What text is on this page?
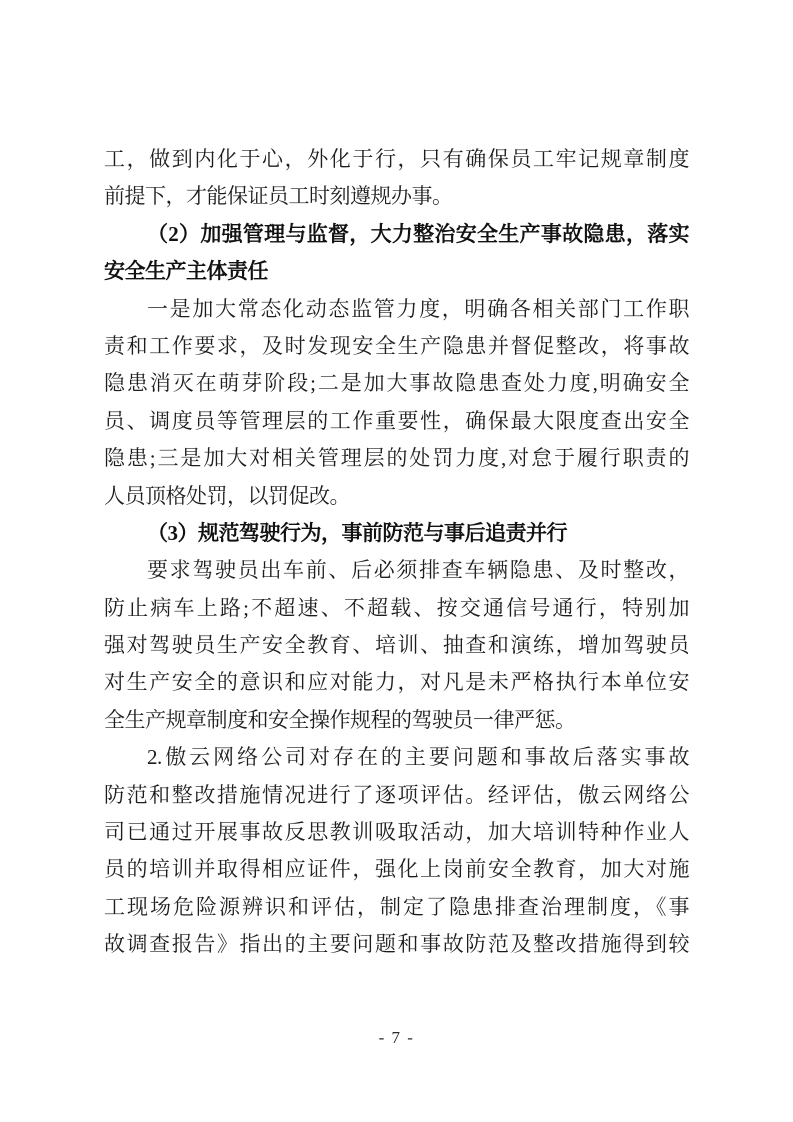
工，做到内化于心，外化于行，只有确保员工牢记规章制度
前提下，才能保证员工时刻遵规办事。
（2）加强管理与监督，大力整治安全生产事故隐患，落实
安全生产主体责任
一是加大常态化动态监管力度，明确各相关部门工作职
责和工作要求，及时发现安全生产隐患并督促整改，将事故
隐患消灭在萌芽阶段;二是加大事故隐患查处力度,明确安全
员、调度员等管理层的工作重要性，确保最大限度查出安全
隐患;三是加大对相关管理层的处罚力度,对怠于履行职责的
人员顶格处罚，以罚促改。
（3）规范驾驶行为，事前防范与事后追责并行
要求驾驶员出车前、后必须排查车辆隐患、及时整改，
防止病车上路;不超速、不超载、按交通信号通行，特别加
强对驾驶员生产安全教育、培训、抽查和演练，增加驾驶员
对生产安全的意识和应对能力，对凡是未严格执行本单位安
全生产规章制度和安全操作规程的驾驶员一律严惩。
2.傲云网络公司对存在的主要问题和事故后落实事故
防范和整改措施情况进行了逐项评估。经评估，傲云网络公
司已通过开展事故反思教训吸取活动，加大培训特种作业人
员的培训并取得相应证件，强化上岗前安全教育，加大对施
工现场危险源辨识和评估，制定了隐患排查治理制度，《事
故调查报告》指出的主要问题和事故防范及整改措施得到较
- 7 -
